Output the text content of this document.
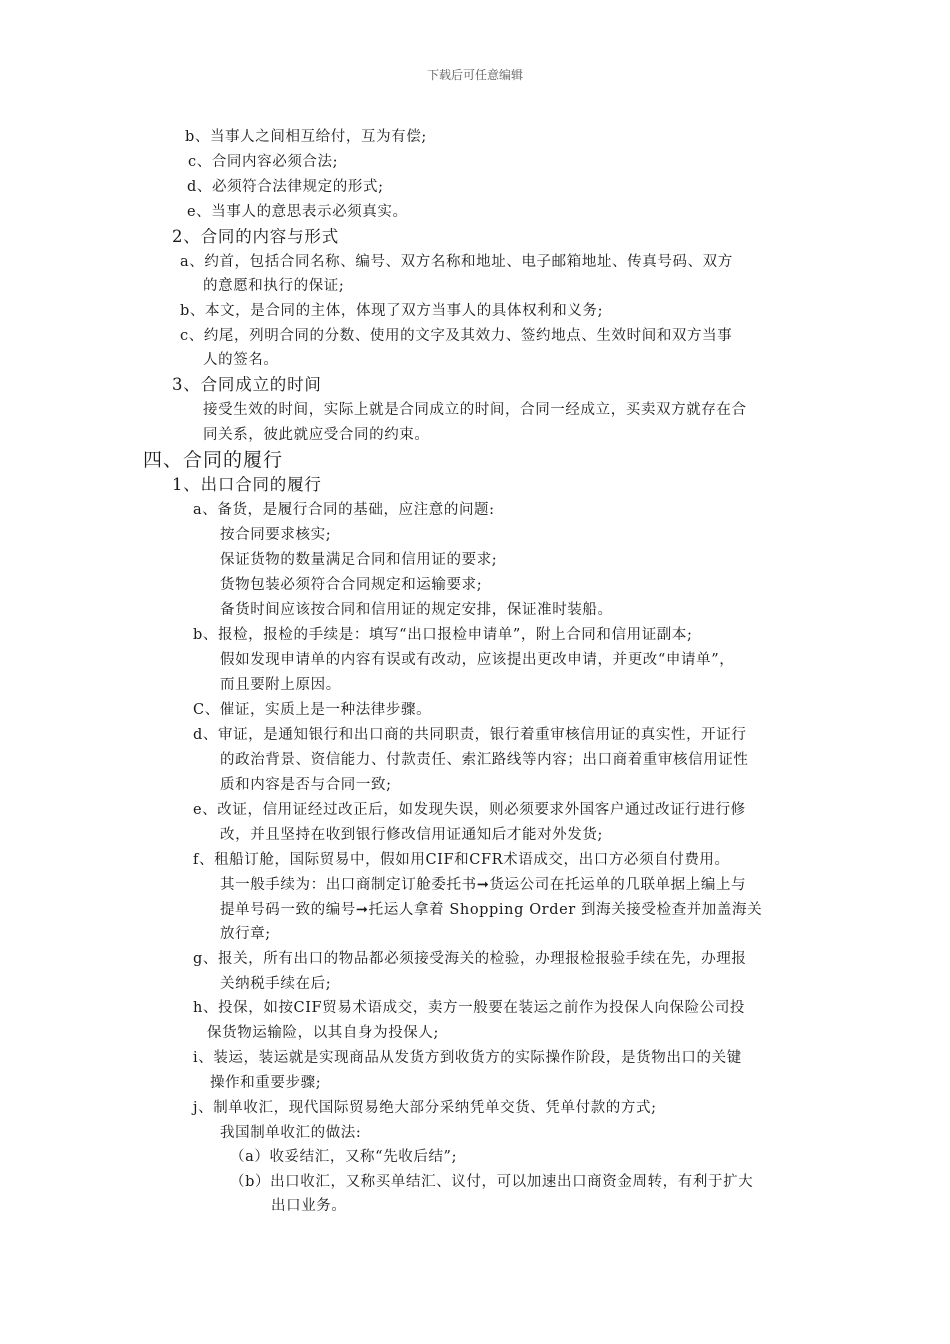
下载后可任意编辑
b、当事人之间相互给付，互为有偿;
c、合同内容必须合法;
d、必须符合法律规定的形式;
e、当事人的意思表示必须真实。
2、合同的内容与形式
a、约首，包括合同名称、编号、双方名称和地址、电子邮箱地址、传真号码、双方
的意愿和执行的保证;
b、本文，是合同的主体，体现了双方当事人的具体权利和义务;
c、约尾，列明合同的分数、使用的文字及其效力、签约地点、生效时间和双方当事
人的签名。
3、合同成立的时间
接受生效的时间，实际上就是合同成立的时间，合同一经成立，买卖双方就存在合
同关系，彼此就应受合同的约束。
四、合同的履行
1、出口合同的履行
a、备货，是履行合同的基础，应注意的问题:
按合同要求核实;
保证货物的数量满足合同和信用证的要求;
货物包装必须符合合同规定和运输要求;
备货时间应该按合同和信用证的规定安排，保证准时装船。
b、报检，报检的手续是：填写“出口报检申请单”，附上合同和信用证副本;
假如发现申请单的内容有误或有改动，应该提出更改申请，并更改“申请单”，
而且要附上原因。
C、催证，实质上是一种法律步骤。
d、审证，是通知银行和出口商的共同职责，银行着重审核信用证的真实性，开证行
的政治背景、资信能力、付款责任、索汇路线等内容；出口商着重审核信用证性
质和内容是否与合同一致;
e、改证，信用证经过改正后，如发现失误，则必须要求外国客户通过改证行进行修
改，并且坚持在收到银行修改信用证通知后才能对外发货;
f、租船订舱，国际贸易中，假如用CIF和CFR术语成交，出口方必须自付费用。
其一般手续为：出口商制定订舱委托书➞货运公司在托运单的几联单据上编上与
提单号码一致的编号➞托运人拿着 Shopping Order 到海关接受检查并加盖海关
放行章;
g、报关，所有出口的物品都必须接受海关的检验，办理报检报验手续在先，办理报
关纳税手续在后;
h、投保，如按CIF贸易术语成交，卖方一般要在装运之前作为投保人向保险公司投
保货物运输险，以其自身为投保人;
i、装运，装运就是实现商品从发货方到收货方的实际操作阶段，是货物出口的关键
操作和重要步骤;
j、制单收汇，现代国际贸易绝大部分采纳凭单交货、凭单付款的方式;
我国制单收汇的做法:
（a）收妥结汇，又称“先收后结”;
（b）出口收汇，又称买单结汇、议付，可以加速出口商资金周转，有利于扩大
出口业务。
